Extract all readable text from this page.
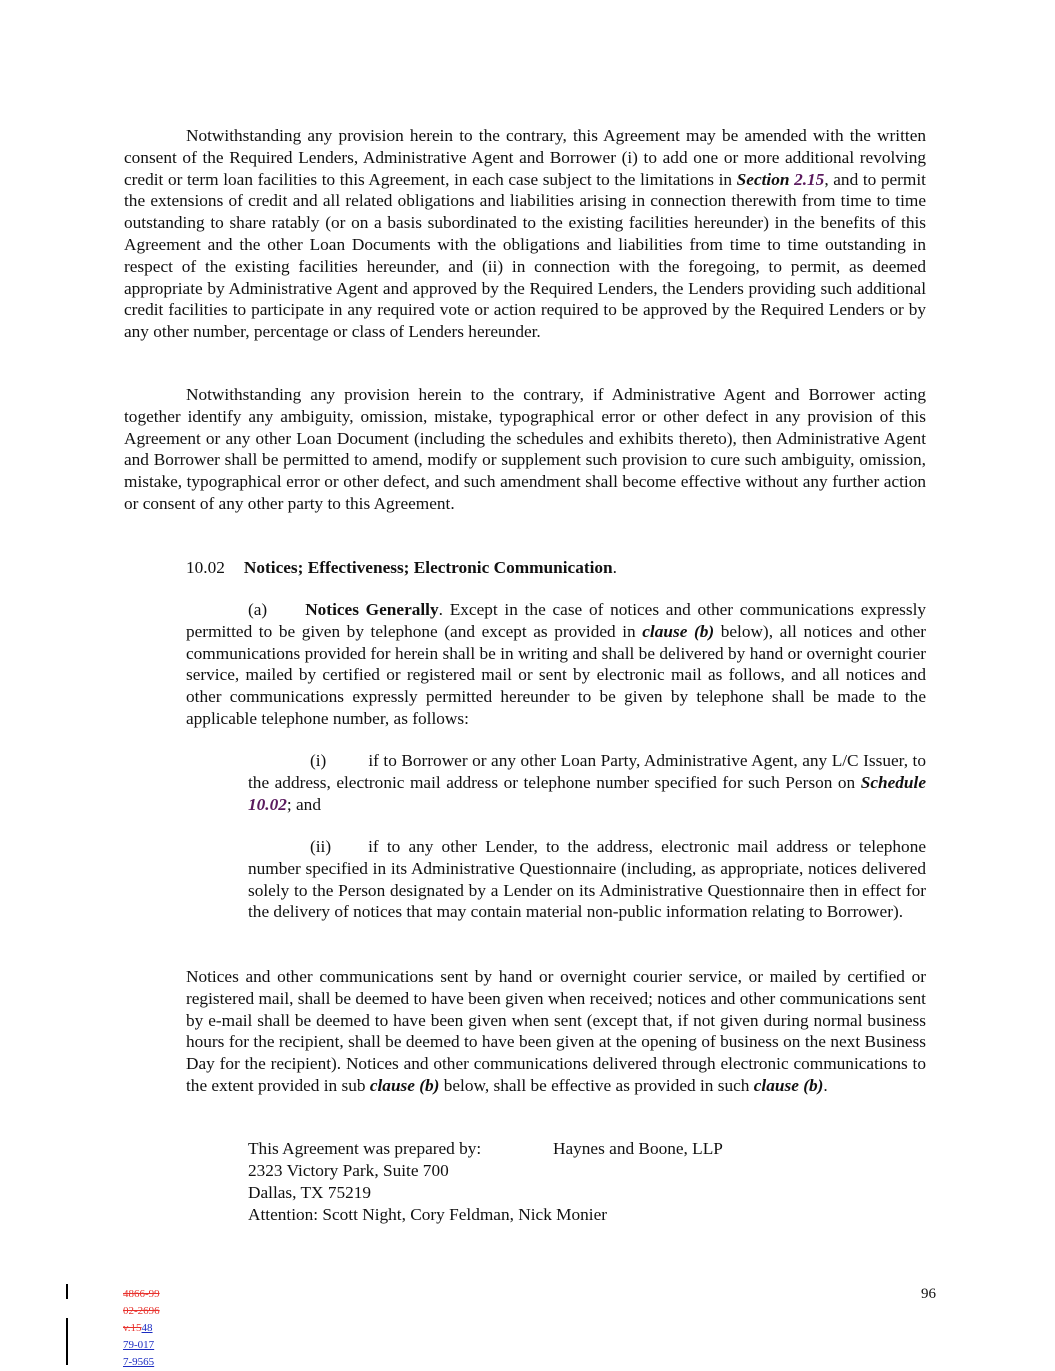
Notwithstanding any provision herein to the contrary, this Agreement may be amended with the written consent of the Required Lenders, Administrative Agent and Borrower (i) to add one or more additional revolving credit or term loan facilities to this Agreement, in each case subject to the limitations in Section 2.15, and to permit the extensions of credit and all related obligations and liabilities arising in connection therewith from time to time outstanding to share ratably (or on a basis subordinated to the existing facilities hereunder) in the benefits of this Agreement and the other Loan Documents with the obligations and liabilities from time to time outstanding in respect of the existing facilities hereunder, and (ii) in connection with the foregoing, to permit, as deemed appropriate by Administrative Agent and approved by the Required Lenders, the Lenders providing such additional credit facilities to participate in any required vote or action required to be approved by the Required Lenders or by any other number, percentage or class of Lenders hereunder.
Notwithstanding any provision herein to the contrary, if Administrative Agent and Borrower acting together identify any ambiguity, omission, mistake, typographical error or other defect in any provision of this Agreement or any other Loan Document (including the schedules and exhibits thereto), then Administrative Agent and Borrower shall be permitted to amend, modify or supplement such provision to cure such ambiguity, omission, mistake, typographical error or other defect, and such amendment shall become effective without any further action or consent of any other party to this Agreement.
10.02 Notices; Effectiveness; Electronic Communication.
(a) Notices Generally. Except in the case of notices and other communications expressly permitted to be given by telephone (and except as provided in clause (b) below), all notices and other communications provided for herein shall be in writing and shall be delivered by hand or overnight courier service, mailed by certified or registered mail or sent by electronic mail as follows, and all notices and other communications expressly permitted hereunder to be given by telephone shall be made to the applicable telephone number, as follows:
(i) if to Borrower or any other Loan Party, Administrative Agent, any L/C Issuer, to the address, electronic mail address or telephone number specified for such Person on Schedule 10.02; and
(ii) if to any other Lender, to the address, electronic mail address or telephone number specified in its Administrative Questionnaire (including, as appropriate, notices delivered solely to the Person designated by a Lender on its Administrative Questionnaire then in effect for the delivery of notices that may contain material non-public information relating to Borrower).
Notices and other communications sent by hand or overnight courier service, or mailed by certified or registered mail, shall be deemed to have been given when received; notices and other communications sent by e-mail shall be deemed to have been given when sent (except that, if not given during normal business hours for the recipient, shall be deemed to have been given at the opening of business on the next Business Day for the recipient). Notices and other communications delivered through electronic communications to the extent provided in sub clause (b) below, shall be effective as provided in such clause (b).
This Agreement was prepared by:	Haynes and Boone, LLP
2323 Victory Park, Suite 700
Dallas, TX 75219
Attention: Scott Night, Cory Feldman, Nick Monier
4866-99
02-2696
v.1548
79-017
7-9565
96
